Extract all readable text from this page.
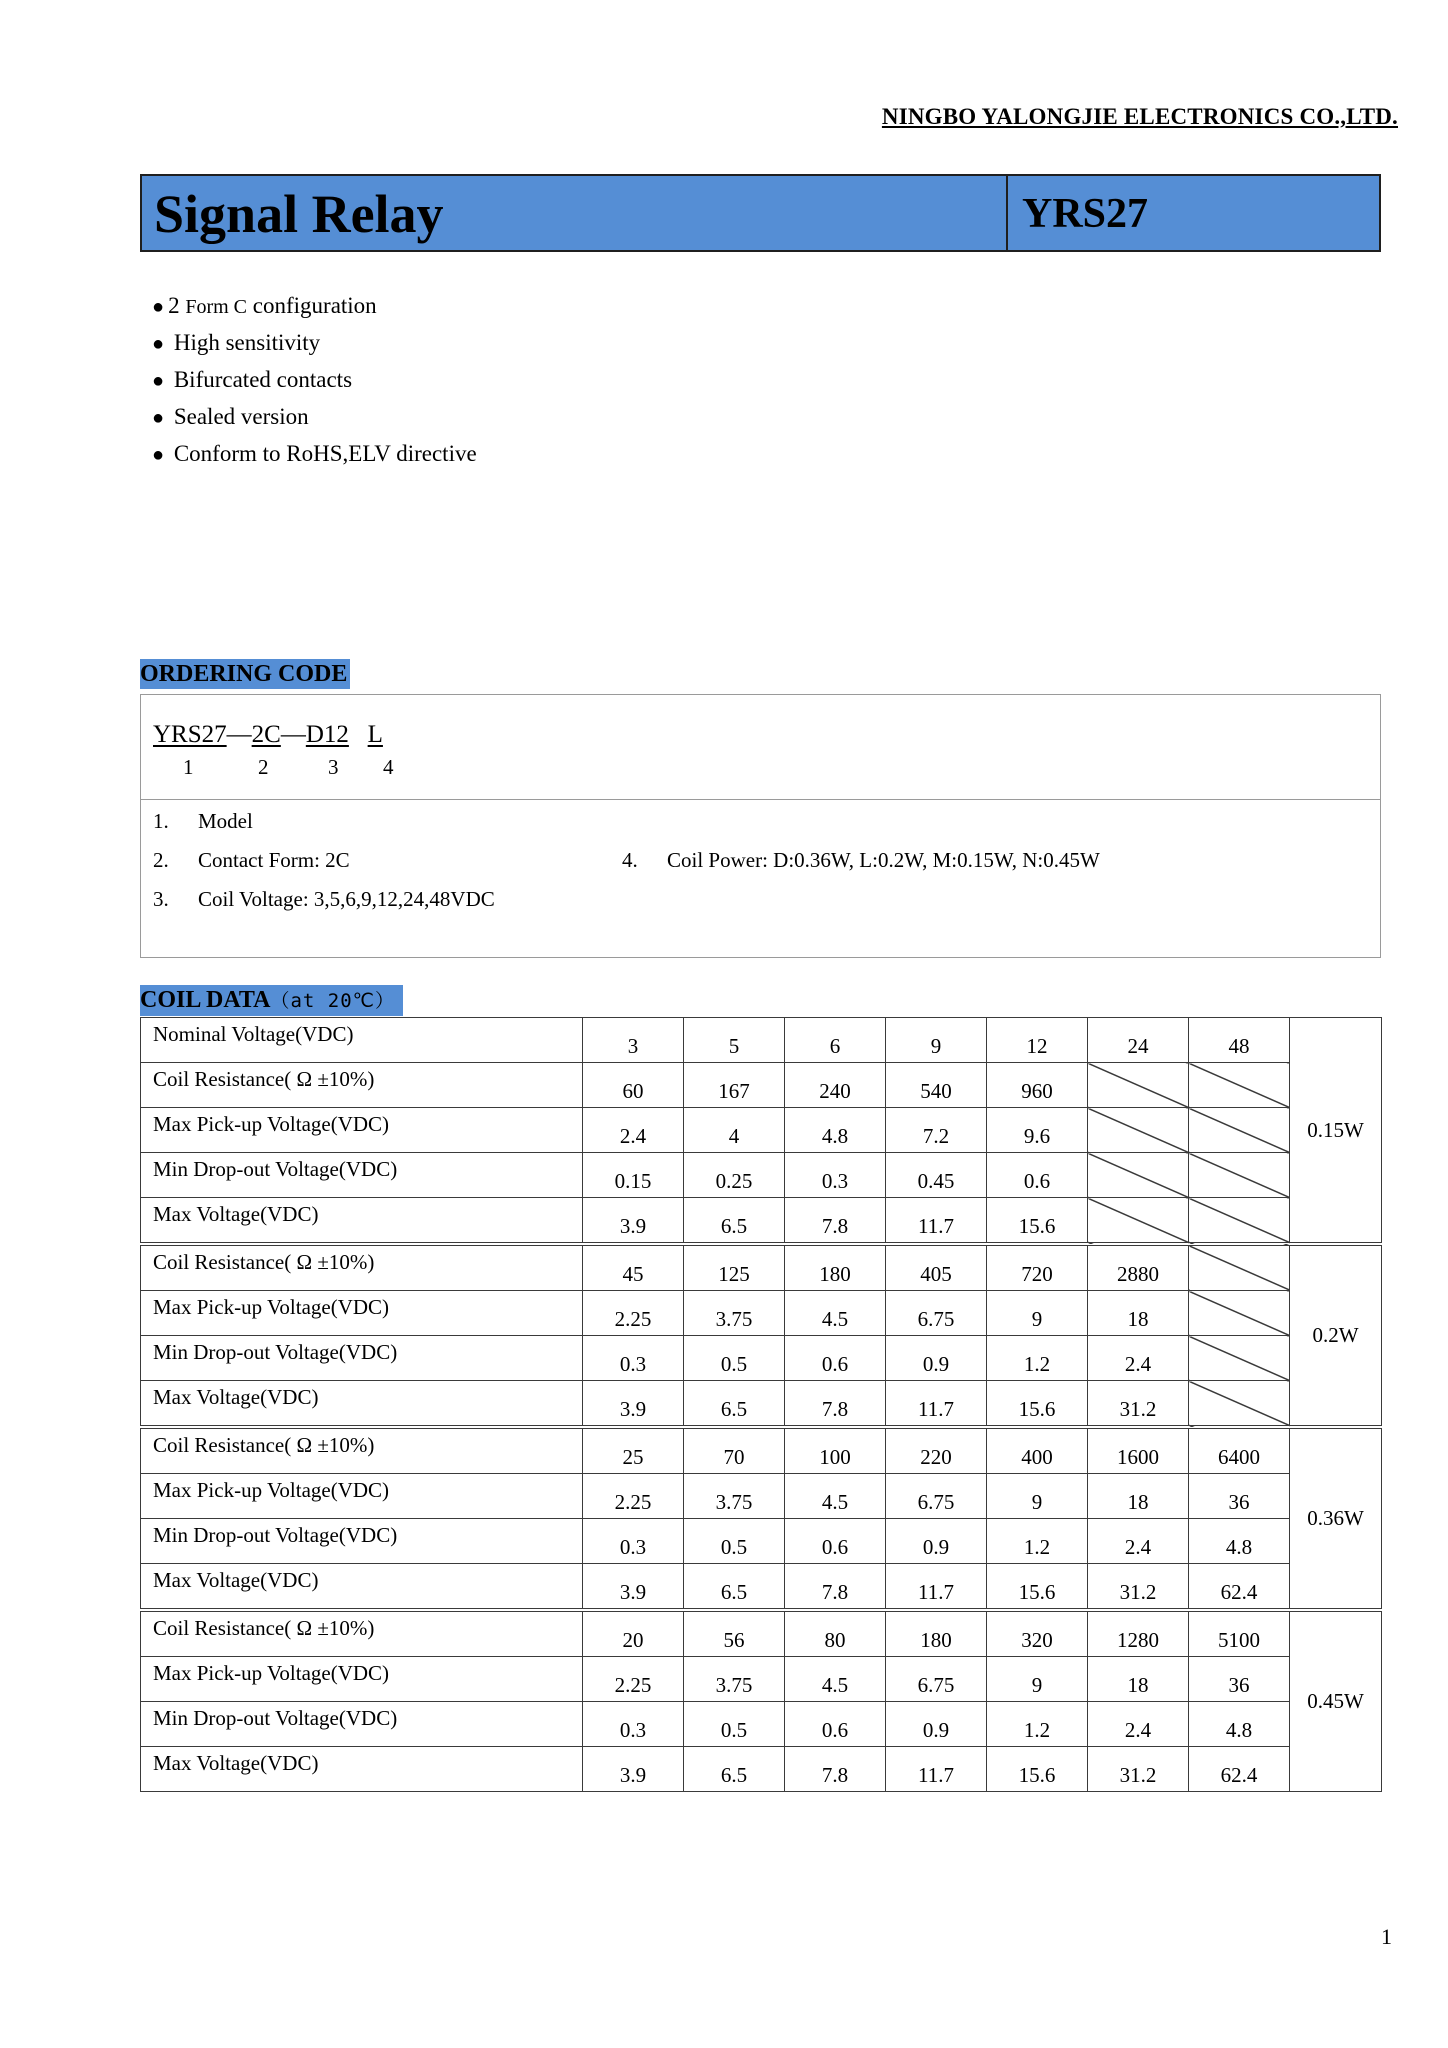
NINGBO YALONGJIE ELECTRONICS CO.,LTD.
Signal Relay	YRS27
● 2 Form C configuration
● High sensitivity
● Bifurcated contacts
● Sealed version
● Conform to RoHS,ELV directive
ORDERING CODE
YRS27—2C—D12 L
1	2	3 4
1. Model
2. Contact Form: 2C
3. Coil Voltage: 3,5,6,9,12,24,48VDC
4. Coil Power: D:0.36W, L:0.2W, M:0.15W, N:0.45W
COIL DATA（at 20℃）
Nominal Voltage(VDC)	3	5	6	9	12	24	48	0.15W
Coil Resistance( Ω ±10%)	60	167	240	540	960			
Max Pick-up Voltage(VDC)	2.4	4	4.8	7.2	9.6			
Min Drop-out Voltage(VDC)	0.15	0.25	0.3	0.45	0.6			
Max Voltage(VDC)	3.9	6.5	7.8	11.7	15.6			
Coil Resistance( Ω ±10%)	45	125	180	405	720	2880		0.2W
Max Pick-up Voltage(VDC)	2.25	3.75	4.5	6.75	9	18		
Min Drop-out Voltage(VDC)	0.3	0.5	0.6	0.9	1.2	2.4		
Max Voltage(VDC)	3.9	6.5	7.8	11.7	15.6	31.2		
Coil Resistance( Ω ±10%)	25	70	100	220	400	1600	6400	0.36W
Max Pick-up Voltage(VDC)	2.25	3.75	4.5	6.75	9	18	36	
Min Drop-out Voltage(VDC)	0.3	0.5	0.6	0.9	1.2	2.4	4.8	
Max Voltage(VDC)	3.9	6.5	7.8	11.7	15.6	31.2	62.4	
Coil Resistance( Ω ±10%)	20	56	80	180	320	1280	5100	0.45W
Max Pick-up Voltage(VDC)	2.25	3.75	4.5	6.75	9	18	36	
Min Drop-out Voltage(VDC)	0.3	0.5	0.6	0.9	1.2	2.4	4.8	
Max Voltage(VDC)	3.9	6.5	7.8	11.7	15.6	31.2	62.4	
1
